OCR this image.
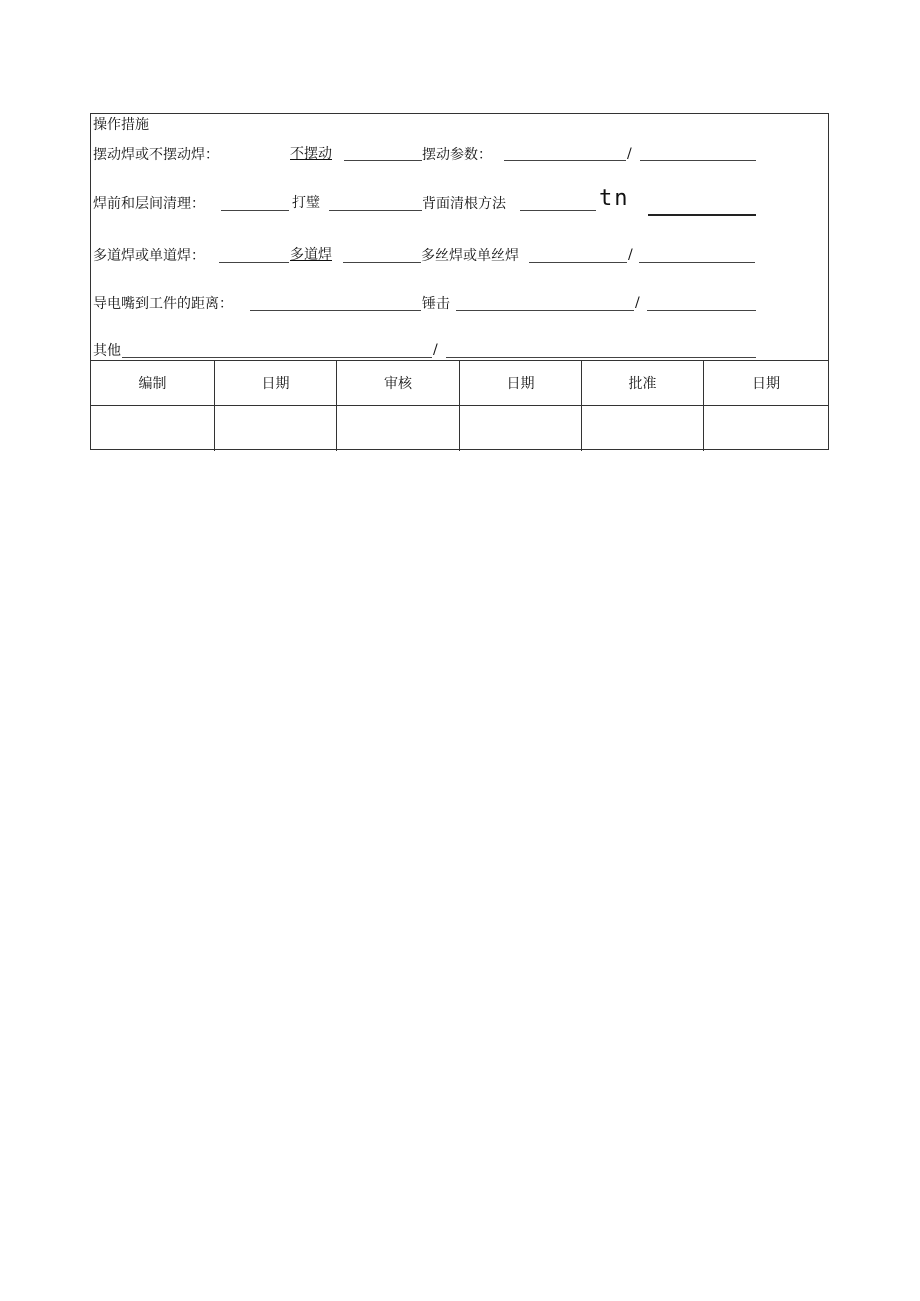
操作措施
摆动焊或不摆动焊：	不摆动	摆动参数：	/
焊前和层间清理：	打璧	背面清根方法	tn
多道焊或单道焊：	多道焊	多丝焊或单丝焊	/
导电嘴到工件的距离：	锤击	/
其他	/
编制	日期	审核	日期	批准	日期
